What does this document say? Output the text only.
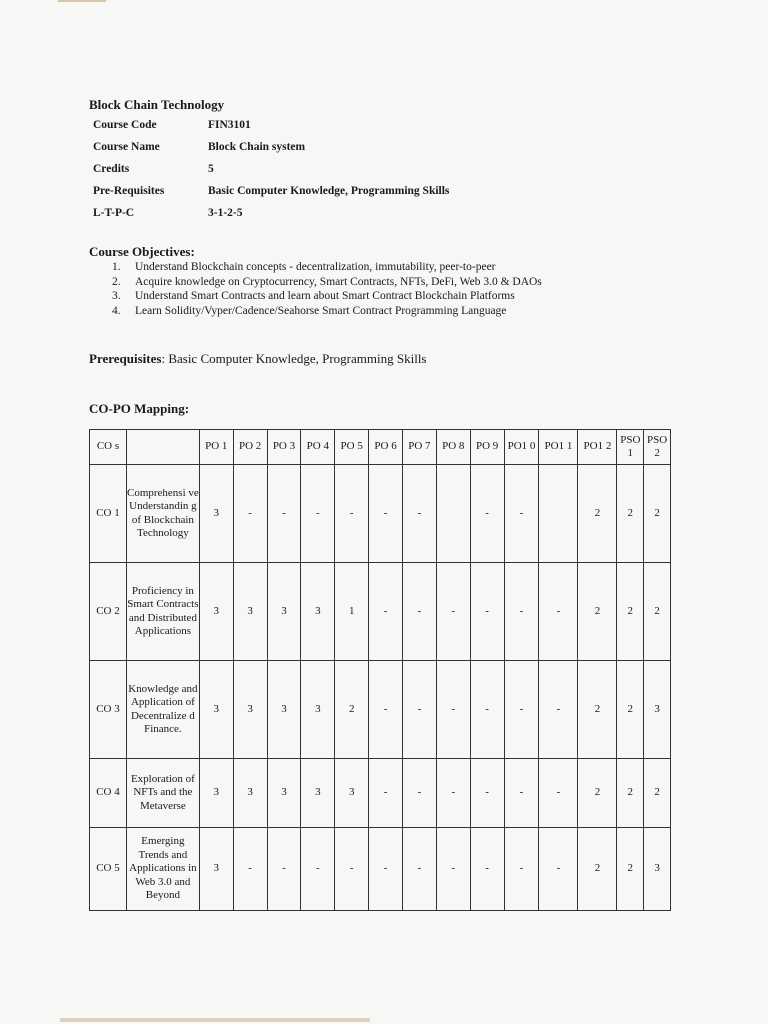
Block Chain Technology
Course Code	FIN3101
Course Name	Block Chain system
Credits	5
Pre-Requisites	Basic Computer Knowledge, Programming Skills
L-T-P-C	3-1-2-5
Course Objectives:
1. Understand Blockchain concepts - decentralization, immutability, peer-to-peer
2. Acquire knowledge on Cryptocurrency, Smart Contracts, NFTs, DeFi, Web 3.0 & DAOs
3. Understand Smart Contracts and learn about Smart Contract Blockchain Platforms
4. Learn Solidity/Vyper/Cadence/Seahorse Smart Contract Programming Language
Prerequisites: Basic Computer Knowledge, Programming Skills
CO-PO Mapping:
CO s		PO 1	PO 2	PO 3	PO 4	PO 5	PO 6	PO 7	PO 8	PO 9	PO1 0	PO1 1	PO1 2	PSO 1	PSO 2
CO 1	Comprehensi ve Understandin g of Blockchain Technology	3	-	-	-	-	-	-		-	-		2	2	2
CO 2	Proficiency in Smart Contracts and Distributed Applications	3	3	3	3	1	-	-	-	-	-	-	2	2	2
CO 3	Knowledge and Application of Decentralize d Finance.	3	3	3	3	2	-	-	-	-	-	-	2	2	3
CO 4	Exploration of NFTs and the Metaverse	3	3	3	3	3	-	-	-	-	-	-	2	2	2
CO 5	Emerging Trends and Applications in Web 3.0 and Beyond	3	-	-	-	-	-	-	-	-	-	-	2	2	3
